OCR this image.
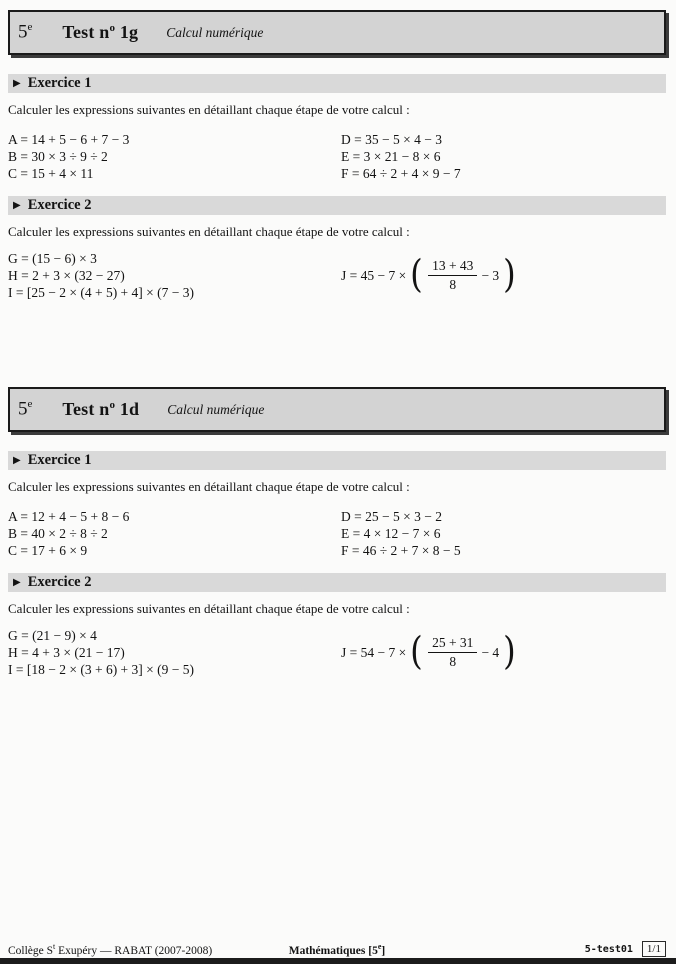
5e Test $n^o$ 1g Calcul numérique
▶ Exercice 1
Calculer les expressions suivantes en détaillant chaque étape de votre calcul :
A = 14 + 5 − 6 + 7 − 3
B = 30 × 3 ÷ 9 ÷ 2
C = 15 + 4 × 11
D = 35 − 5 × 4 − 3
E = 3 × 21 − 8 × 6
F = 64 ÷ 2 + 4 × 9 − 7
▶ Exercice 2
Calculer les expressions suivantes en détaillant chaque étape de votre calcul :
G = (15 − 6) × 3
H = 2 + 3 × (32 − 27)
I = [25 − 2 × (4 + 5) + 4] × (7 − 3)
J = 45 − 7 × ( $\frac{13 + 43}{8} - 3$ )
5e Test $n^o$ 1d Calcul numérique
▶ Exercice 1
Calculer les expressions suivantes en détaillant chaque étape de votre calcul :
A = 12 + 4 − 5 + 8 − 6
B = 40 × 2 ÷ 8 ÷ 2
C = 17 + 6 × 9
D = 25 − 5 × 3 − 2
E = 4 × 12 − 7 × 6
F = 46 ÷ 2 + 7 × 8 − 5
▶ Exercice 2
Calculer les expressions suivantes en détaillant chaque étape de votre calcul :
G = (21 − 9) × 4
H = 4 + 3 × (21 − 17)
I = [18 − 2 × (3 + 6) + 3] × (9 − 5)
J = 54 − 7 × ( $\frac{25 + 31}{8} - 4$ )
Collège $S^t$ Exupéry — RABAT (2007-2008)	Mathématiques [5e]	5-test01	1/1
